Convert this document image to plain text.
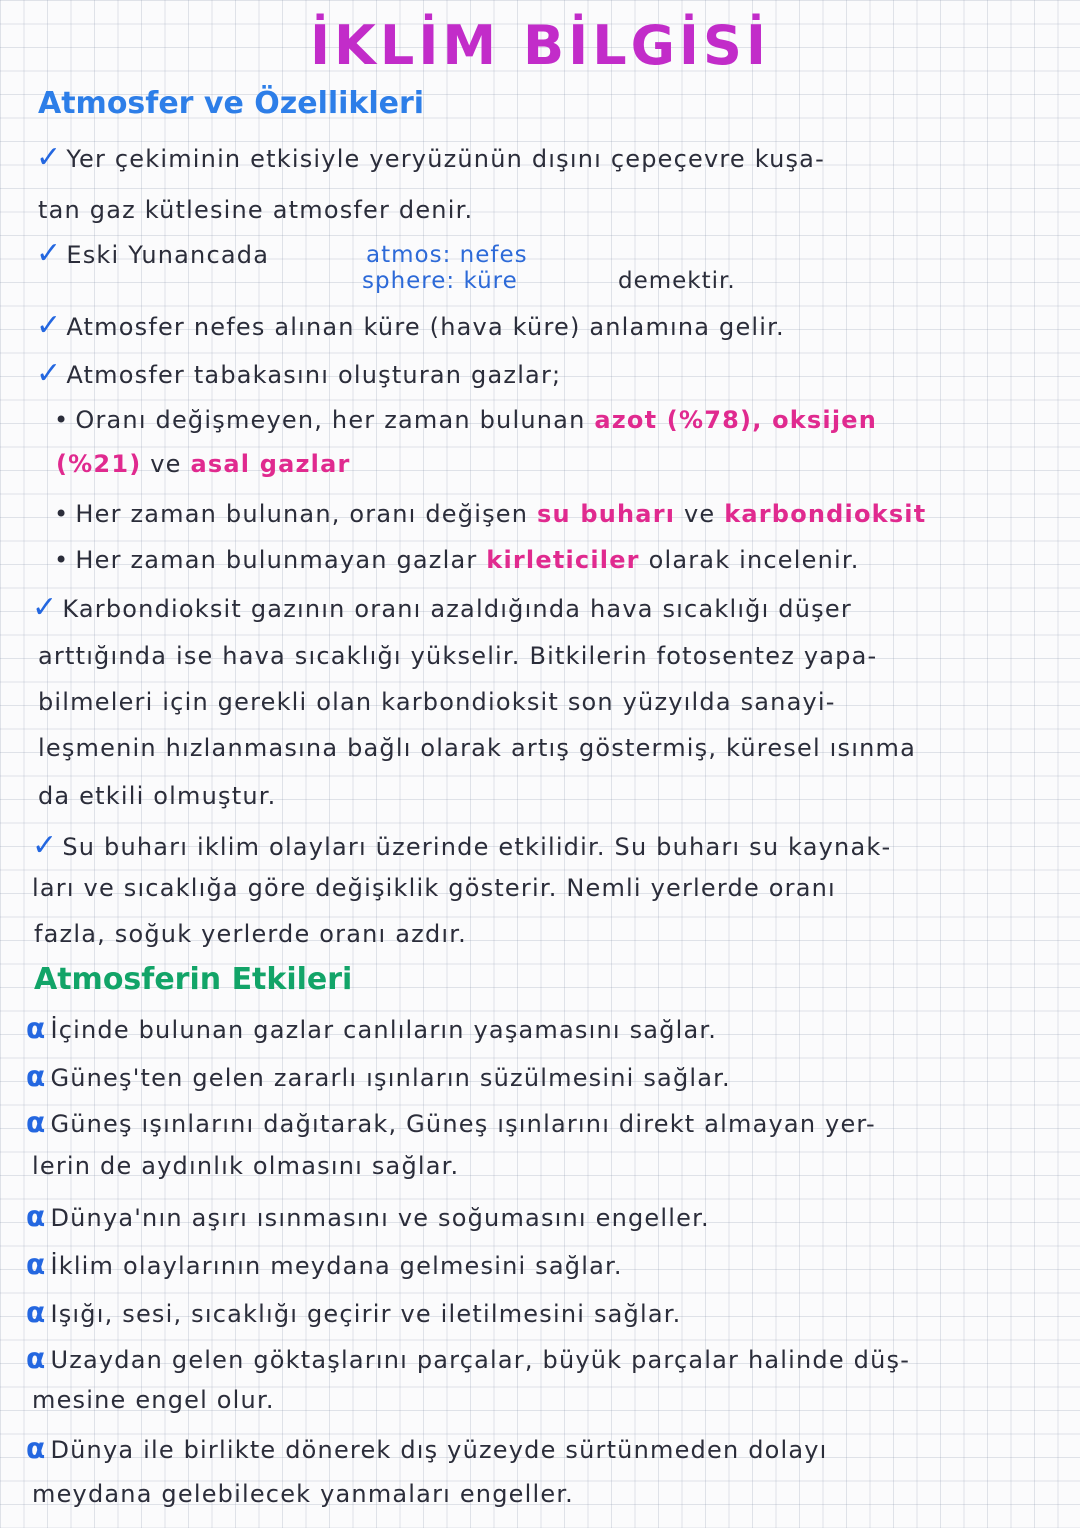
İKLİM BİLGİSİ
Atmosfer ve Özellikleri
✓ Yer çekiminin etkisiyle yeryüzünün dışını çepeçevre kuşa-
tan gaz kütlesine atmosfer denir.
✓ Eski Yunancada	atmos: nefes
sphere: küre	demektir.
✓ Atmosfer nefes alınan küre (hava küre) anlamına gelir.
✓ Atmosfer tabakasını oluşturan gazlar;
• Oranı değişmeyen, her zaman bulunan azot (%78), oksijen
(%21) ve asal gazlar
• Her zaman bulunan, oranı değişen su buharı ve karbondioksit
• Her zaman bulunmayan gazlar kirleticiler olarak incelenir.
✓ Karbondioksit gazının oranı azaldığında hava sıcaklığı düşer
arttığında ise hava sıcaklığı yükselir. Bitkilerin fotosentez yapa-
bilmeleri için gerekli olan karbondioksit son yüzyılda sanayi-
leşmenin hızlanmasına bağlı olarak artış göstermiş, küresel ısınma
da etkili olmuştur.
✓ Su buharı iklim olayları üzerinde etkilidir. Su buharı su kaynak-
ları ve sıcaklığa göre değişiklik gösterir. Nemli yerlerde oranı
fazla, soğuk yerlerde oranı azdır.
Atmosferin Etkileri
α İçinde bulunan gazlar canlıların yaşamasını sağlar.
α Güneş'ten gelen zararlı ışınların süzülmesini sağlar.
α Güneş ışınlarını dağıtarak, Güneş ışınlarını direkt almayan yer-
lerin de aydınlık olmasını sağlar.
α Dünya'nın aşırı ısınmasını ve soğumasını engeller.
α İklim olaylarının meydana gelmesini sağlar.
α Işığı, sesi, sıcaklığı geçirir ve iletilmesini sağlar.
α Uzaydan gelen göktaşlarını parçalar, büyük parçalar halinde düş-
mesine engel olur.
α Dünya ile birlikte dönerek dış yüzeyde sürtünmeden dolayı
meydana gelebilecek yanmaları engeller.
